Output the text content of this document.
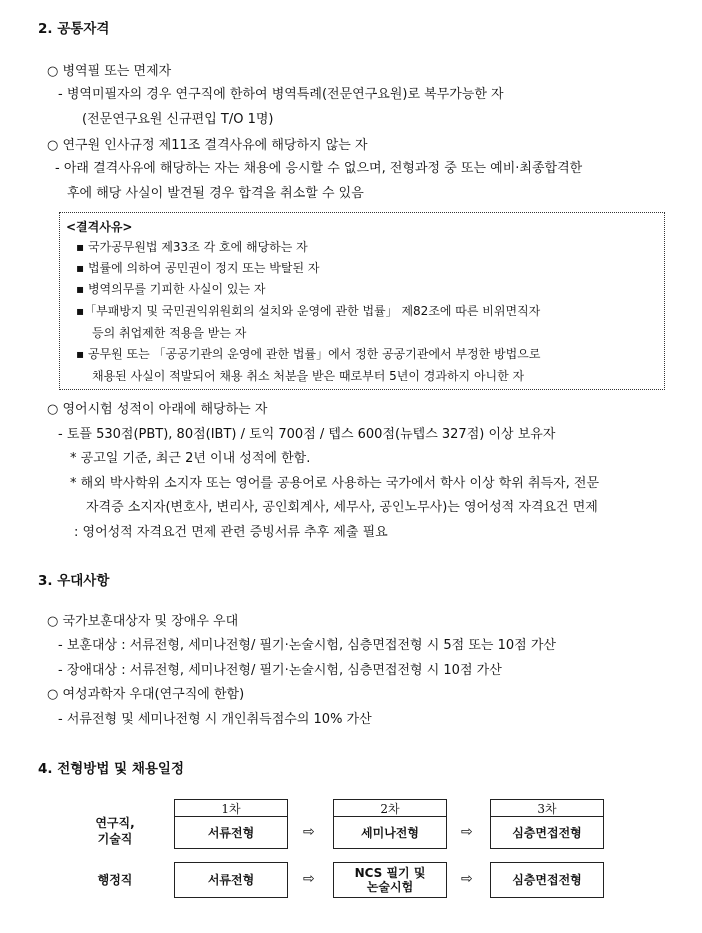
2. 공통자격
○ 병역필 또는 면제자
- 병역미필자의 경우 연구직에 한하여 병역특례(전문연구요원)로 복무가능한 자
(전문연구요원 신규편입 T/O 1명)
○ 연구원 인사규정 제11조 결격사유에 해당하지 않는 자
- 아래 결격사유에 해당하는 자는 채용에 응시할 수 없으며, 전형과정 중 또는 예비·최종합격한
후에 해당 사실이 발견될 경우 합격을 취소할 수 있음
<결격사유>
▪ 국가공무원법 제33조 각 호에 해당하는 자
▪ 법률에 의하여 공민권이 정지 또는 박탈된 자
▪ 병역의무를 기피한 사실이 있는 자
▪「부패방지 및 국민권익위원회의 설치와 운영에 관한 법률」 제82조에 따른 비위면직자
등의 취업제한 적용을 받는 자
▪ 공무원 또는 「공공기관의 운영에 관한 법률」에서 정한 공공기관에서 부정한 방법으로
채용된 사실이 적발되어 채용 취소 처분을 받은 때로부터 5년이 경과하지 아니한 자
○ 영어시험 성적이 아래에 해당하는 자
- 토플 530점(PBT), 80점(IBT) / 토익 700점 / 텝스 600점(뉴텝스 327점) 이상 보유자
* 공고일 기준, 최근 2년 이내 성적에 한함.
* 해외 박사학위 소지자 또는 영어를 공용어로 사용하는 국가에서 학사 이상 학위 취득자, 전문
자격증 소지자(변호사, 변리사, 공인회계사, 세무사, 공인노무사)는 영어성적 자격요건 면제
: 영어성적 자격요건 면제 관련 증빙서류 추후 제출 필요
3. 우대사항
○ 국가보훈대상자 및 장애우 우대
- 보훈대상 : 서류전형, 세미나전형/ 필기·논술시험, 심층면접전형 시 5점 또는 10점 가산
- 장애대상 : 서류전형, 세미나전형/ 필기·논술시험, 심층면접전형 시 10점 가산
○ 여성과학자 우대(연구직에 한함)
- 서류전형 및 세미나전형 시 개인취득점수의 10% 가산
4. 전형방법 및 채용일정
1차	2차	3차
연구직,
기술직	서류전형	⇨	세미나전형	⇨	심층면접전형
행정직	서류전형	⇨	NCS 필기 및
논술시험	⇨	심층면접전형
